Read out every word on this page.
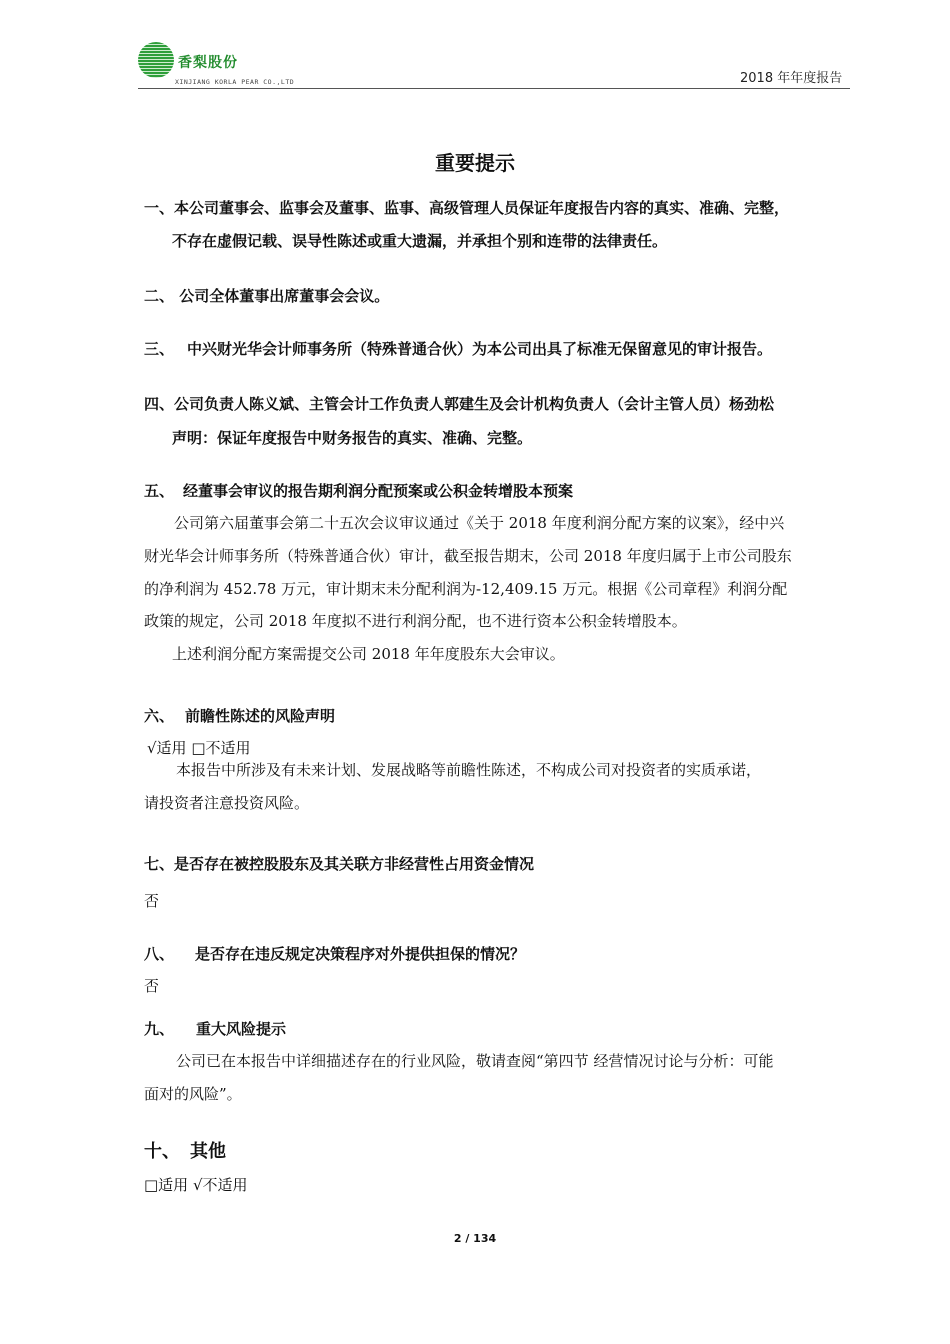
香梨股份
XINJIANG KORLA PEAR CO.,LTD	2018 年年度报告
重要提示
一、本公司董事会、监事会及董事、监事、高级管理人员保证年度报告内容的真实、准确、完整，
不存在虚假记载、误导性陈述或重大遗漏，并承担个别和连带的法律责任。
二、 公司全体董事出席董事会会议。
三、 中兴财光华会计师事务所（特殊普通合伙）为本公司出具了标准无保留意见的审计报告。
四、公司负责人陈义斌、主管会计工作负责人郭建生及会计机构负责人（会计主管人员）杨劲松
声明：保证年度报告中财务报告的真实、准确、完整。
五、 经董事会审议的报告期利润分配预案或公积金转增股本预案
公司第六届董事会第二十五次会议审议通过《关于 2018 年度利润分配方案的议案》，经中兴
财光华会计师事务所（特殊普通合伙）审计，截至报告期末，公司 2018 年度归属于上市公司股东
的净利润为 452.78 万元，审计期末未分配利润为-12,409.15 万元。根据《公司章程》利润分配
政策的规定，公司 2018 年度拟不进行利润分配，也不进行资本公积金转增股本。
上述利润分配方案需提交公司 2018 年年度股东大会审议。
六、 前瞻性陈述的风险声明
√适用 □不适用
本报告中所涉及有未来计划、发展战略等前瞻性陈述，不构成公司对投资者的实质承诺，
请投资者注意投资风险。
七、是否存在被控股股东及其关联方非经营性占用资金情况
否
八、 是否存在违反规定决策程序对外提供担保的情况？
否
九、 重大风险提示
公司已在本报告中详细描述存在的行业风险，敬请查阅“第四节 经营情况讨论与分析：可能
面对的风险”。
十、 其他
□适用 √不适用
2 / 134
